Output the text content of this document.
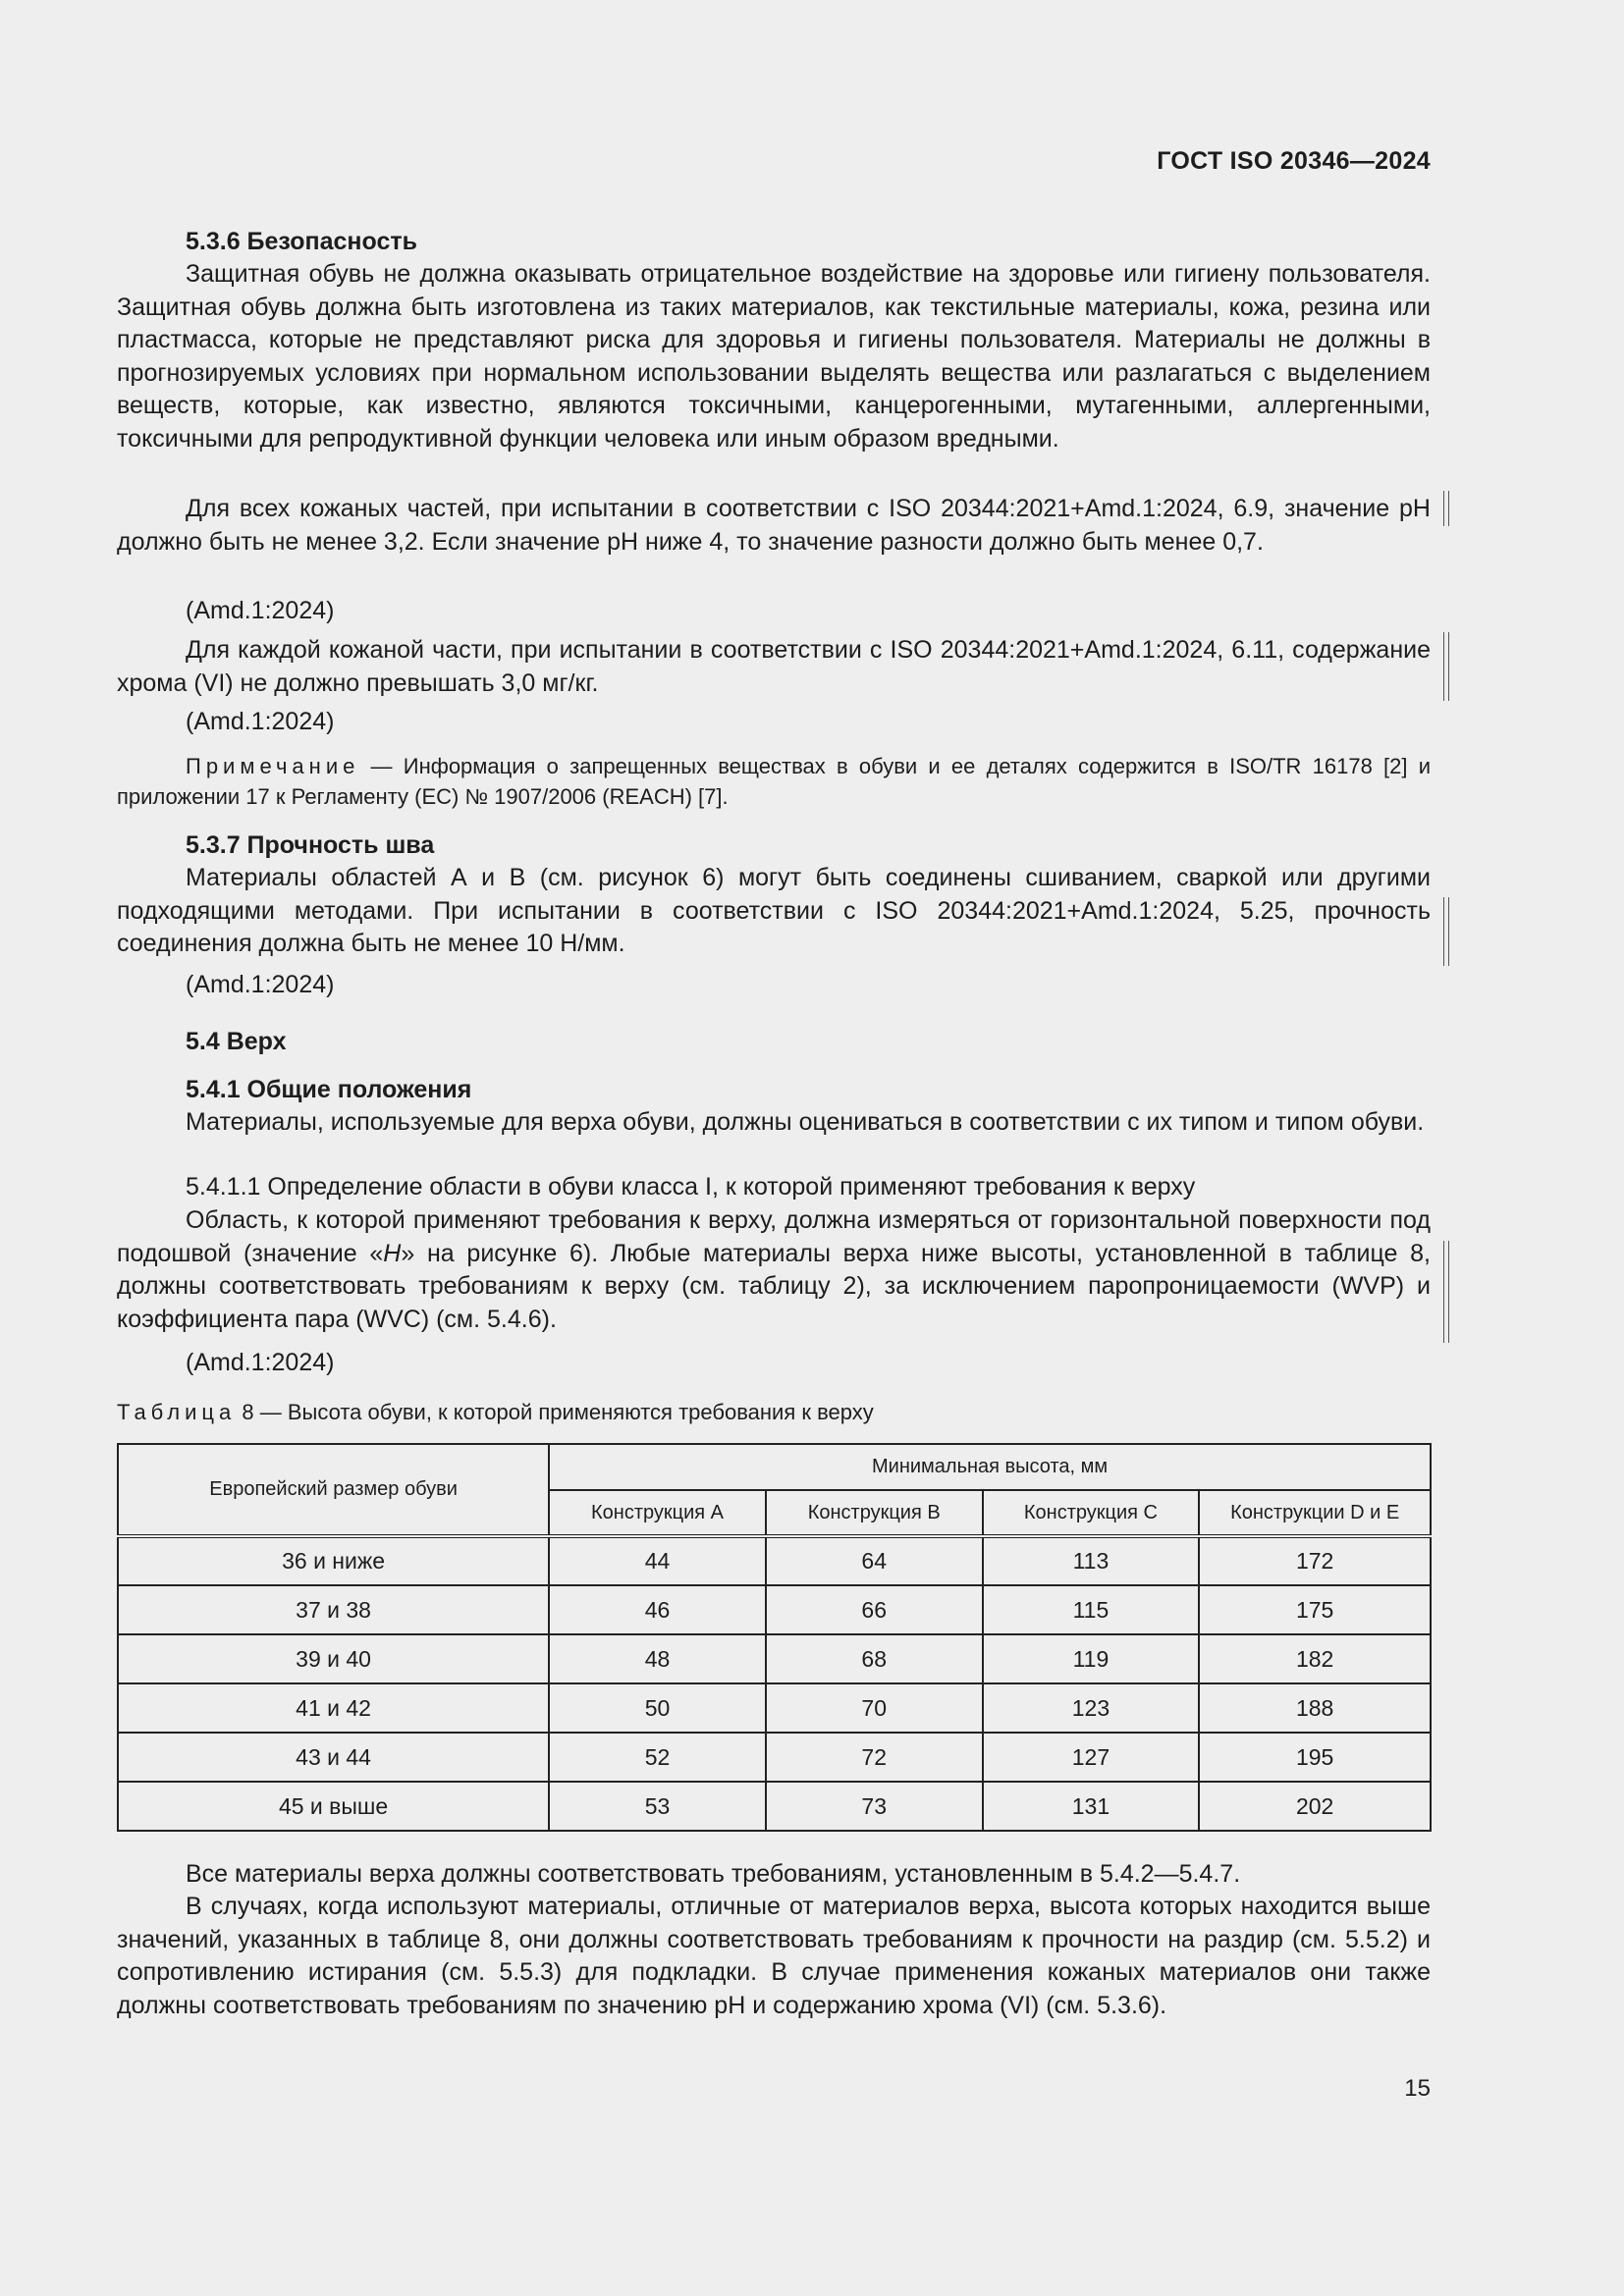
ГОСТ ISO 20346—2024
5.3.6 Безопасность
Защитная обувь не должна оказывать отрицательное воздействие на здоровье или гигиену пользователя. Защитная обувь должна быть изготовлена из таких материалов, как текстильные материалы, кожа, резина или пластмасса, которые не представляют риска для здоровья и гигиены пользователя. Материалы не должны в прогнозируемых условиях при нормальном использовании выделять вещества или разлагаться с выделением веществ, которые, как известно, являются токсичными, канцерогенными, мутагенными, аллергенными, токсичными для репродуктивной функции человека или иным образом вредными.
Для всех кожаных частей, при испытании в соответствии с ISO 20344:2021+Amd.1:2024, 6.9, значение pH должно быть не менее 3,2. Если значение pH ниже 4, то значение разности должно быть менее 0,7.
(Amd.1:2024)
Для каждой кожаной части, при испытании в соответствии с ISO 20344:2021+Amd.1:2024, 6.11, содержание хрома (VI) не должно превышать 3,0 мг/кг.
(Amd.1:2024)
Примечание — Информация о запрещенных веществах в обуви и ее деталях содержится в ISO/TR 16178 [2] и приложении 17 к Регламенту (ЕС) № 1907/2006 (REACH) [7].
5.3.7 Прочность шва
Материалы областей А и В (см. рисунок 6) могут быть соединены сшиванием, сваркой или другими подходящими методами. При испытании в соответствии с ISO 20344:2021+Amd.1:2024, 5.25, прочность соединения должна быть не менее 10 Н/мм.
(Amd.1:2024)
5.4 Верх
5.4.1 Общие положения
Материалы, используемые для верха обуви, должны оцениваться в соответствии с их типом и типом обуви.
5.4.1.1 Определение области в обуви класса I, к которой применяют требования к верху
Область, к которой применяют требования к верху, должна измеряться от горизонтальной поверхности под подошвой (значение «H» на рисунке 6). Любые материалы верха ниже высоты, установленной в таблице 8, должны соответствовать требованиям к верху (см. таблицу 2), за исключением паропроницаемости (WVP) и коэффициента пара (WVC) (см. 5.4.6).
(Amd.1:2024)
Таблица 8 — Высота обуви, к которой применяются требования к верху
Европейский размер обуви	Минимальная высота, мм			
	Конструкция А	Конструкция В	Конструкция С	Конструкции D и E
36 и ниже	44	64	113	172
37 и 38	46	66	115	175
39 и 40	48	68	119	182
41 и 42	50	70	123	188
43 и 44	52	72	127	195
45 и выше	53	73	131	202
Все материалы верха должны соответствовать требованиям, установленным в 5.4.2—5.4.7.
В случаях, когда используют материалы, отличные от материалов верха, высота которых находится выше значений, указанных в таблице 8, они должны соответствовать требованиям к прочности на раздир (см. 5.5.2) и сопротивлению истирания (см. 5.5.3) для подкладки. В случае применения кожаных материалов они также должны соответствовать требованиям по значению pH и содержанию хрома (VI) (см. 5.3.6).
15
